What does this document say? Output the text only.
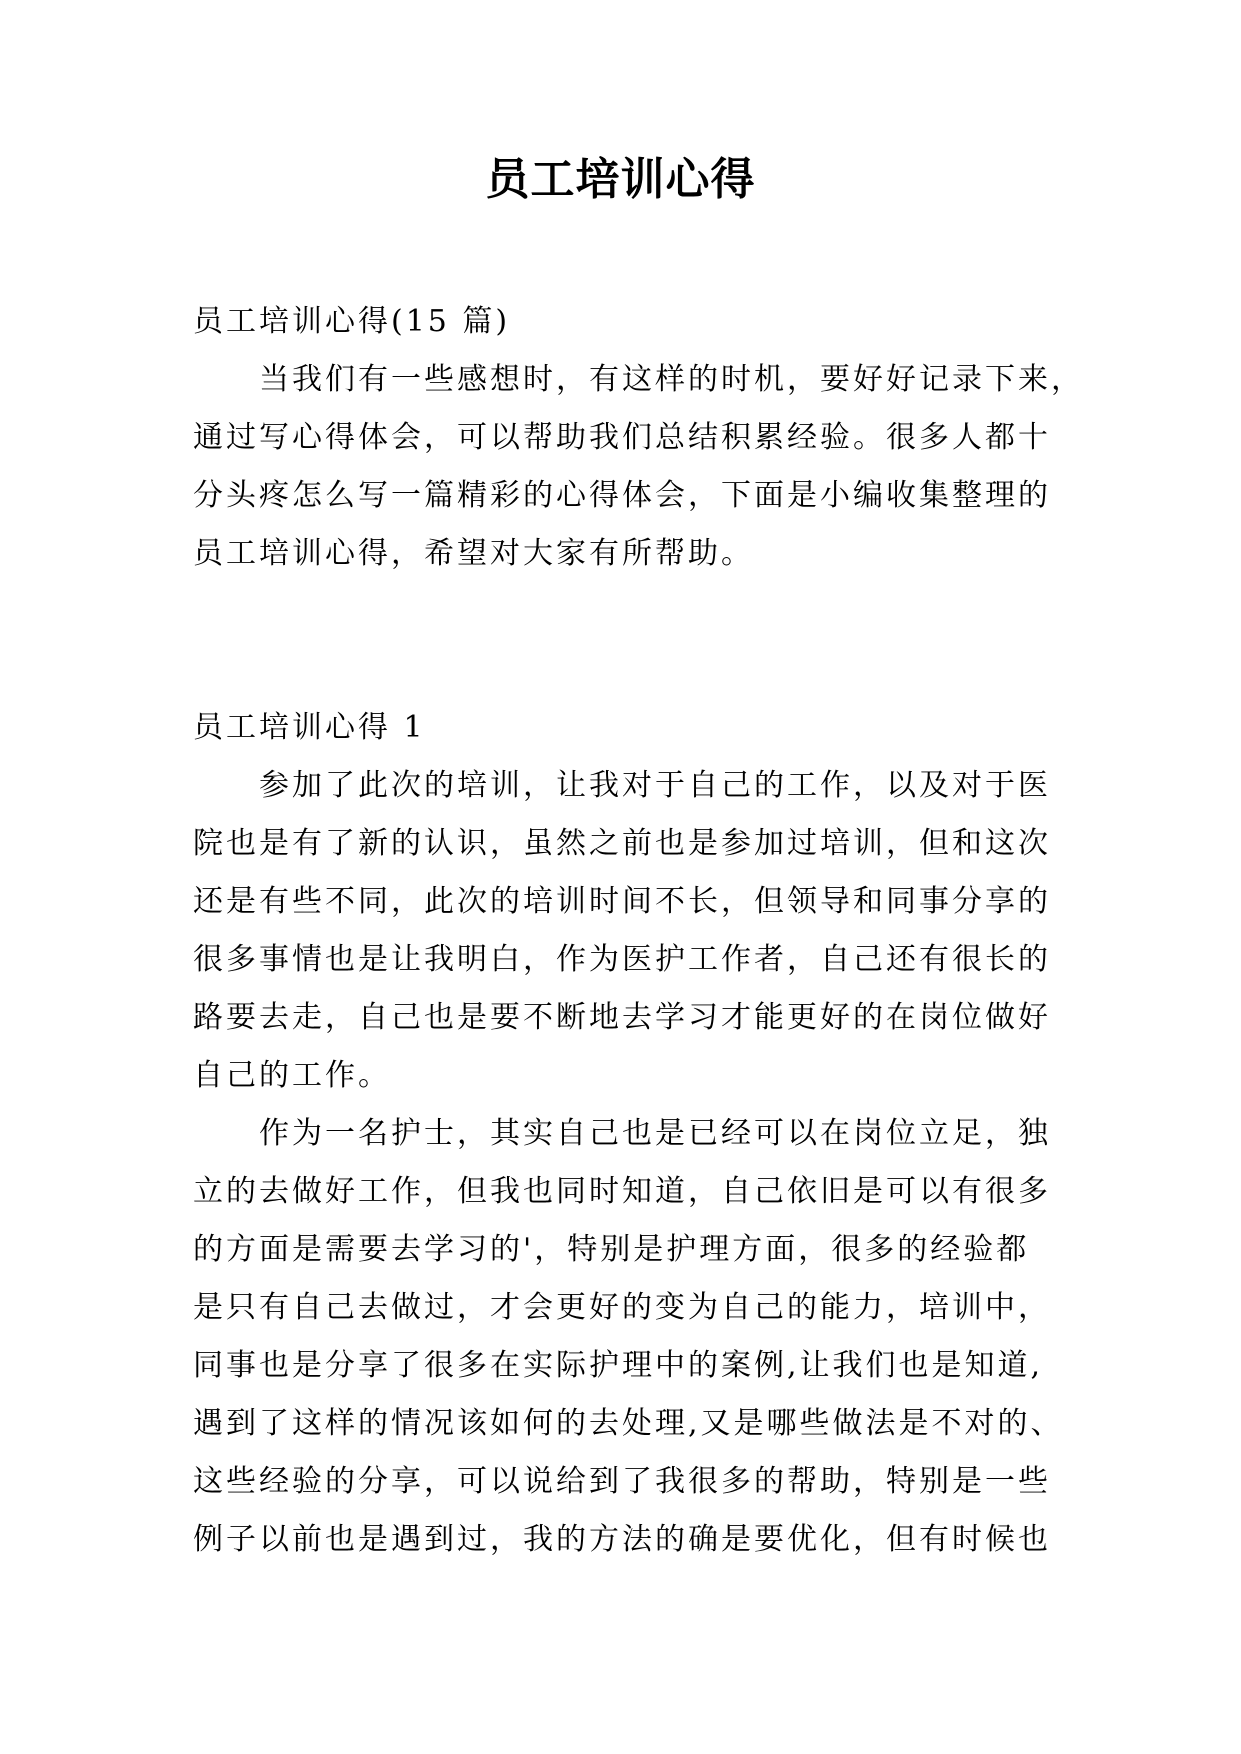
员工培训心得
员工培训心得(15 篇)
当我们有一些感想时，有这样的时机，要好好记录下来，
通过写心得体会，可以帮助我们总结积累经验。很多人都十
分头疼怎么写一篇精彩的心得体会，下面是小编收集整理的
员工培训心得，希望对大家有所帮助。
员工培训心得 1
参加了此次的培训，让我对于自己的工作，以及对于医
院也是有了新的认识，虽然之前也是参加过培训，但和这次
还是有些不同，此次的培训时间不长，但领导和同事分享的
很多事情也是让我明白，作为医护工作者，自己还有很长的
路要去走，自己也是要不断地去学习才能更好的在岗位做好
自己的工作。
作为一名护士，其实自己也是已经可以在岗位立足，独
立的去做好工作，但我也同时知道，自己依旧是可以有很多
的方面是需要去学习的'，特别是护理方面，很多的经验都
是只有自己去做过，才会更好的变为自己的能力，培训中，
同事也是分享了很多在实际护理中的案例,让我们也是知道,
遇到了这样的情况该如何的去处理,又是哪些做法是不对的、
这些经验的分享，可以说给到了我很多的帮助，特别是一些
例子以前也是遇到过，我的方法的确是要优化，但有时候也
